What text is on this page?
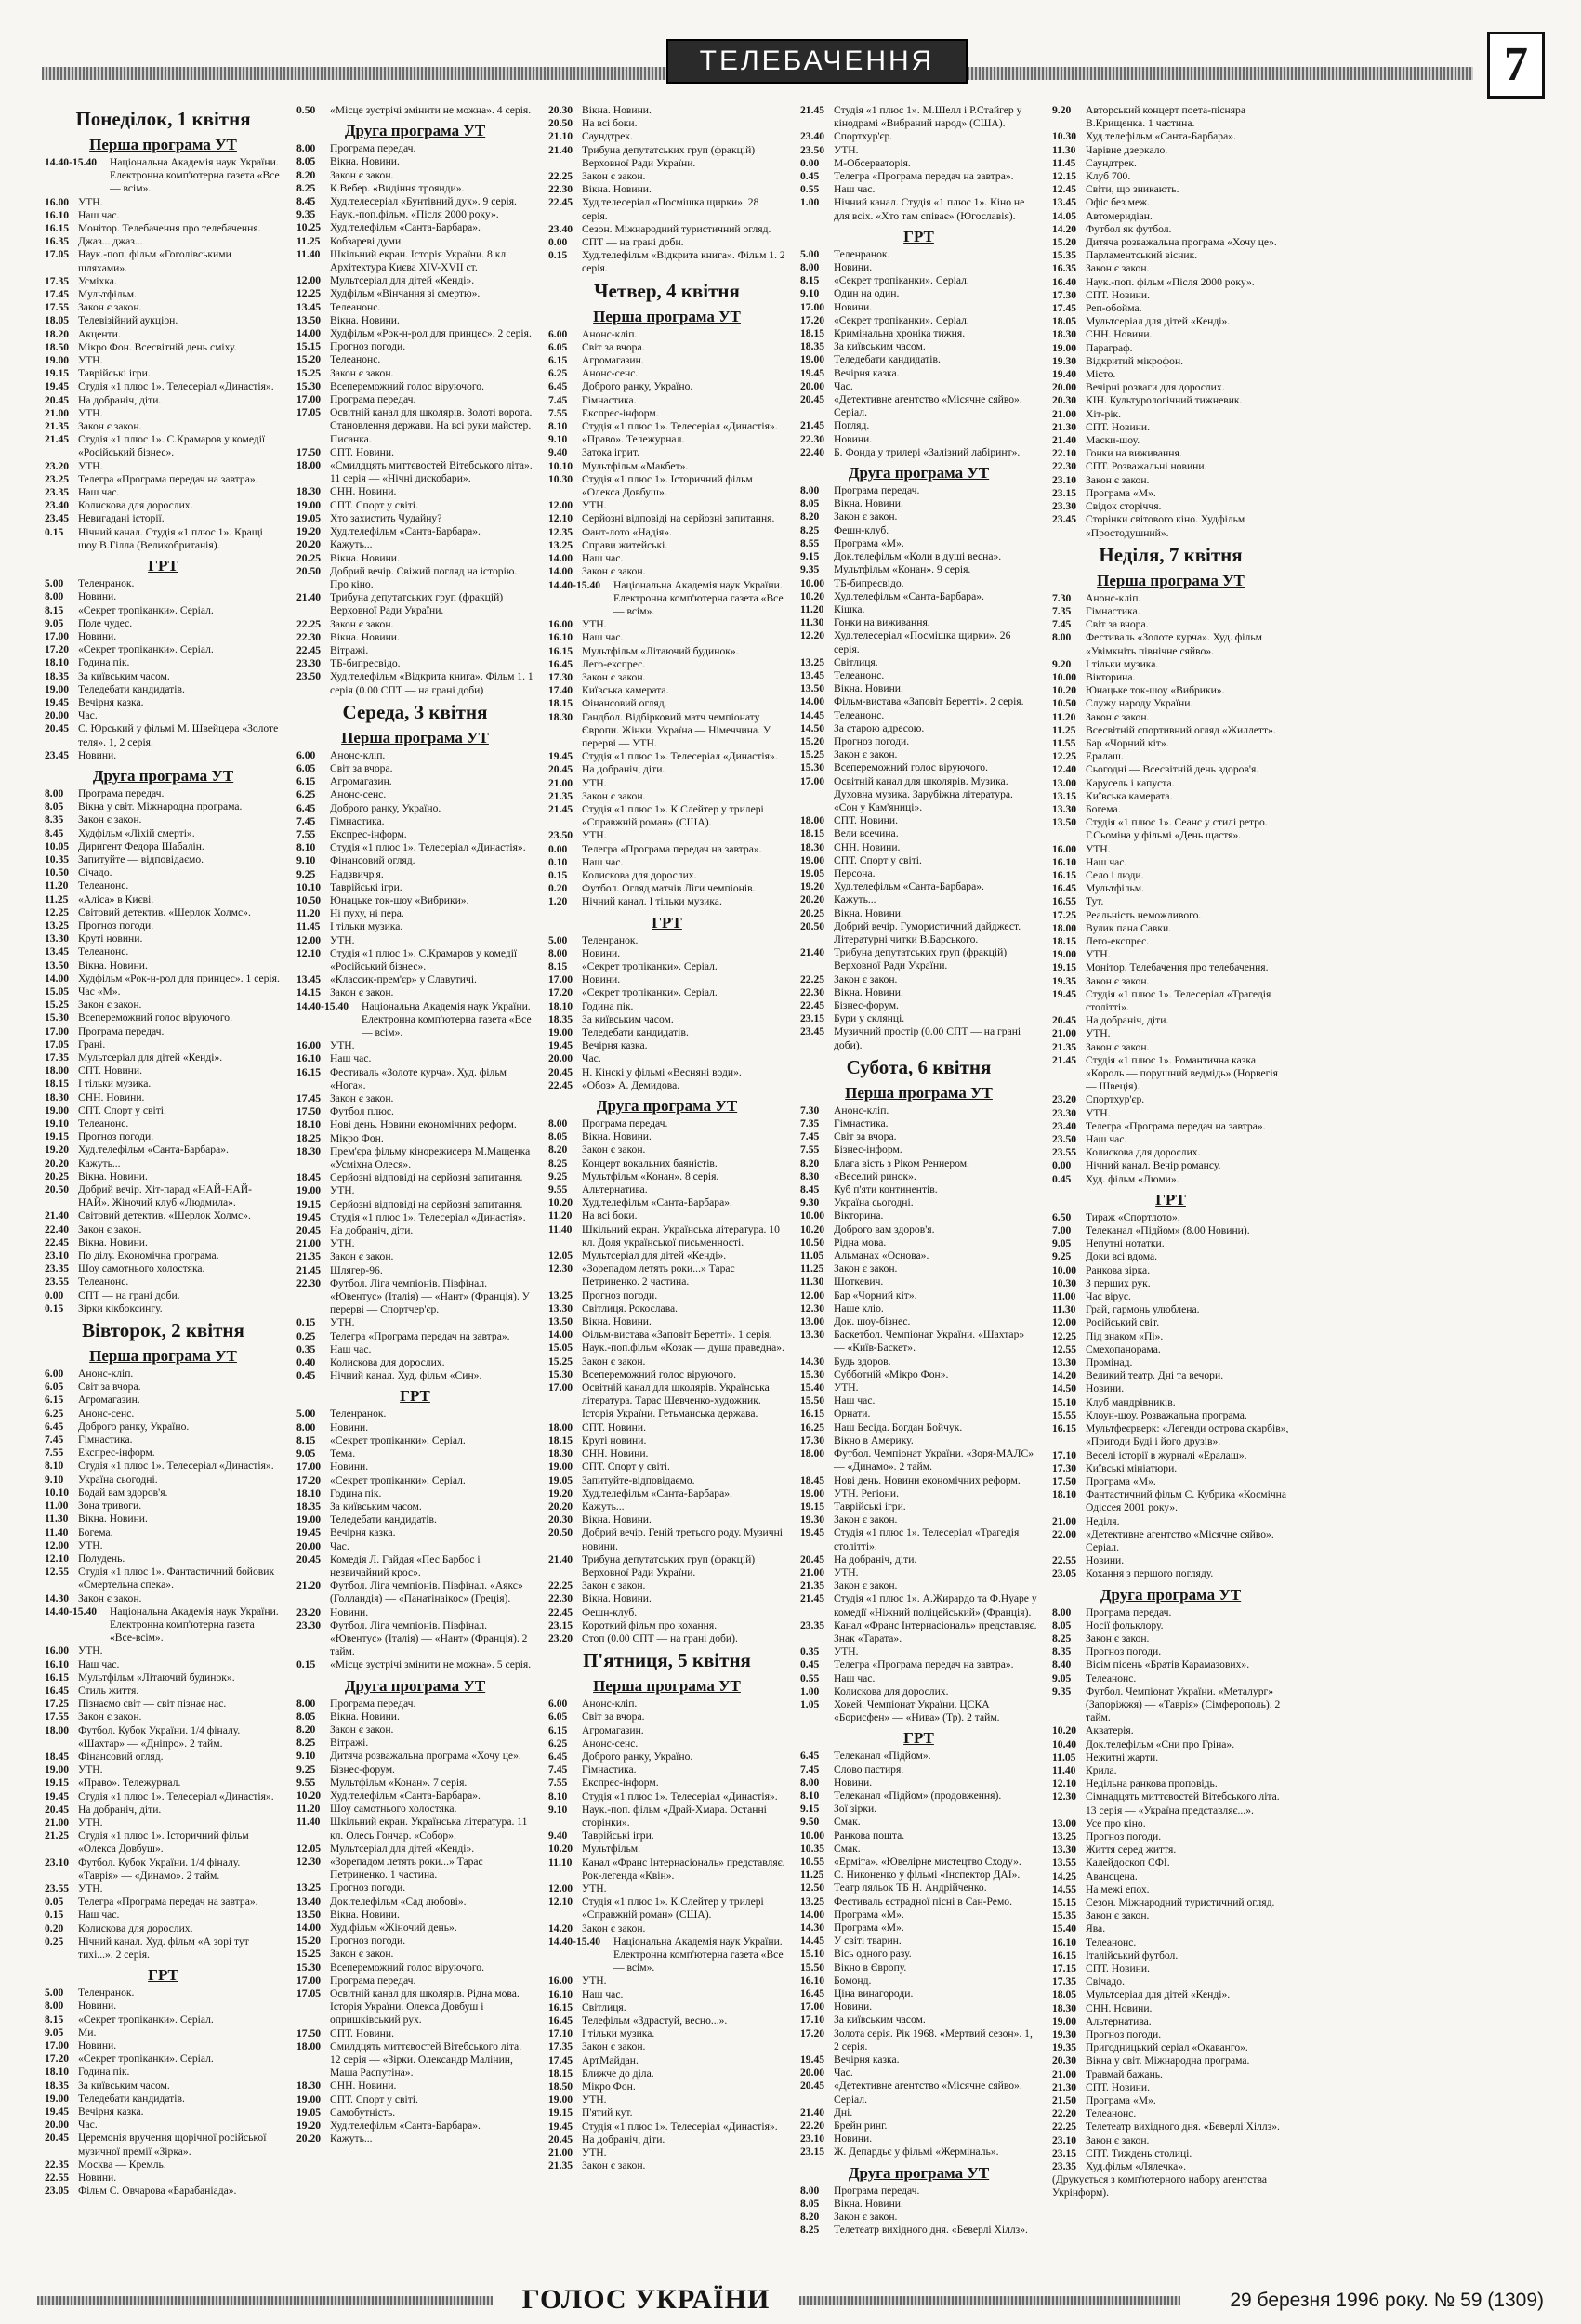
ТЕЛЕБАЧЕННЯ	7
Понеділок, 1 квітня
Перша програма УТ
14.40-15.40	Національна Академія наук України. Електронна комп'ютерна газета «Все — всім».
16.00 УТН.
16.10 Наш час.
16.15 Монітор. Телебачення про телебачення.
16.35 Джаз... джаз...
17.05 Наук.-поп. фільм «Гоголівськими шляхами».
17.35 Усміхка.
17.45 Мультфільм.
17.55 Закон є закон.
18.05 Телевізійний аукціон.
18.20 Акценти.
18.50 Мікро Фон. Всесвітній день сміху.
19.00 УТН.
19.15 Таврійські ігри.
19.45 Студія «1 плюс 1». Телесеріал «Династія».
20.45 На добраніч, діти.
21.00 УТН.
21.35 Закон є закон.
21.45 Студія «1 плюс 1». С.Крамаров у комедії «Російський бізнес».
23.20 УТН.
23.25 Телегра «Програма передач на завтра».
23.35 Наш час.
23.40 Колискова для дорослих.
23.45 Невигадані історії.
0.15	Нічний канал. Студія «1 плюс 1». Кращі шоу В.Гілла (Великобританія).
ГРТ
5.00	Теленранок.
8.00	Новини.
8.15	«Секрет тропіканки». Серіал.
9.05	Поле чудес.
17.00 Новини.
17.20 «Секрет тропіканки». Серіал.
18.10 Година пік.
18.35 За київським часом.
19.00 Теледебати кандидатів.
19.45 Вечірня казка.
20.00 Час.
20.45 С. Юрський у фільмі М. Швейцера «Золоте теля». 1, 2 серія.
23.45 Новини.
Друга програма УТ
8.00	Програма передач.
8.05	Вікна у світ. Міжнародна програма.
8.35	Закон є закон.
8.45	Худфільм «Ліхій смерті».
10.05 Диригент Федора Шабалін.
10.35 Запитуйте — відповідаємо.
10.50 Січадо.
11.20 Телеанонс.
11.25 «Аліса» в Києві.
12.25 Світовий детектив. «Шерлок Холмс».
13.25 Прогноз погоди.
13.30 Круті новини.
13.45 Телеанонс.
13.50 Вікна. Новини.
14.00 Худфільм «Рок-н-рол для принцес». 1 серія.
15.05 Час «М».
15.25 Закон є закон.
15.30 Всепереможний голос віруючого.
17.00 Програма передач.
17.05 Грані.
17.35 Мультсеріал для дітей «Кенді».
18.00 СПТ. Новини.
18.15 І тільки музика.
18.30 СНН. Новини.
19.00 СПТ. Спорт у світі.
19.10 Телеанонс.
19.15 Прогноз погоди.
19.20 Худ.телефільм «Санта-Барбара».
20.20 Кажуть...
20.25 Вікна. Новини.
20.50 Добрий вечір. Хіт-парад «НАЙ-НАЙ-НАЙ». Жіночий клуб «Людмила».
21.40 Світовий детектив. «Шерлок Холмс».
22.40 Закон є закон.
22.45 Вікна. Новини.
23.10 По ділу. Економічна програма.
23.35 Шоу самотнього холостяка.
23.55 Телеанонс.
0.00	СПТ — на грані доби.
0.15	Зірки кікбоксингу.
Вівторок, 2 квітня
Перша програма УТ
6.00	Анонс-кліп.
6.05	Світ за вчора.
6.15	Агромагазин.
6.25	Анонс-сенс.
6.45	Доброго ранку, Україно.
7.45	Гімнастика.
7.55	Експрес-інформ.
8.10	Студія «1 плюс 1». Телесеріал «Династія».
9.10	Україна сьогодні.
10.10 Бодай вам здоров'я.
11.00 Зона тривоги.
11.30 Вікна. Новини.
11.40 Богема.
12.00 УТН.
12.10 Полудень.
12.55 Студія «1 плюс 1». Фантастичний бойовик «Смертельна спека».
14.30 Закон є закон.
14.40-15.40	Національна Академія наук України. Електронна комп'ютерна газета «Все-всім».
16.00 УТН.
16.10 Наш час.
16.15 Мультфільм «Літаючий будинок».
16.45 Стиль життя.
17.25 Пізнаємо світ — світ пізнає нас.
17.55 Закон є закон.
18.00 Футбол. Кубок України. 1/4 фіналу. «Шахтар» — «Дніпро». 2 тайм.
18.45 Фінансовий огляд.
19.00 УТН.
19.15 «Право». Тележурнал.
19.45 Студія «1 плюс 1». Телесеріал «Династія».
20.45 На добраніч, діти.
21.00 УТН.
21.25 Студія «1 плюс 1». Історичний фільм «Олекса Довбуш».
23.10 Футбол. Кубок України. 1/4 фіналу. «Таврія» — «Динамо». 2 тайм.
23.55 УТН.
0.05	Телегра «Програма передач на завтра».
0.15	Наш час.
0.20	Колискова для дорослих.
0.25	Нічний канал. Худ. фільм «А зорі тут тихі...». 2 серія.
ГРТ
5.00	Теленранок.
8.00	Новини.
8.15	«Секрет тропіканки». Серіал.
9.05	Ми.
17.00 Новини.
17.20 «Секрет тропіканки». Серіал.
18.10 Година пік.
18.35 За київським часом.
19.00 Теледебати кандидатів.
19.45 Вечірня казка.
20.00 Час.
20.45 Церемонія вручення щорічної російської музичної премії «Зірка».
22.35 Москва — Кремль.
22.55 Новини.
23.05 Фільм С. Овчарова «Барабаніада».
0.50	«Місце зустрічі змінити не можна». 4 серія.
Друга програма УТ
8.00	Програма передач.
8.05	Вікна. Новини.
8.20	Закон є закон.
8.25	К.Вебер. «Видіння троянди».
8.45	Худ.телесеріал «Бунтівний дух». 9 серія.
9.35	Наук.-поп.фільм. «Після 2000 року».
10.25 Худ.телефільм «Санта-Барбара».
11.25 Кобзареві думи.
11.40 Шкільний екран. Історія України. 8 кл. Архітектура Києва XIV-XVII ст.
12.00 Мультсеріал для дітей «Кенді».
12.25 Худфільм «Вінчання зі смертю».
13.45 Телеанонс.
13.50 Вікна. Новини.
14.00 Худфільм «Рок-н-рол для принцес». 2 серія.
15.15 Прогноз погоди.
15.20 Телеанонс.
15.25 Закон є закон.
15.30 Всепереможний голос віруючого.
17.00 Програма передач.
17.05 Освітній канал для школярів. Золоті ворота. Становлення держави. На всі руки майстер. Писанка.
17.50 СПТ. Новини.
18.00 «Смилдцять миттєвостей Вітебського літа». 11 серія — «Нічні дискобари».
18.30 СНН. Новини.
19.00 СПТ. Спорт у світі.
19.05 Хто захистить Чудайну?
19.20 Худ.телефільм «Санта-Барбара».
20.20 Кажуть...
20.25 Вікна. Новини.
20.50 Добрий вечір. Свіжий погляд на історію. Про кіно.
21.40 Трибуна депутатських груп (фракцій) Верховної Ради України.
22.25 Закон є закон.
22.30 Вікна. Новини.
22.45 Вітражі.
23.30 ТБ-бипресвідо.
23.50 Худ.телефільм «Відкрита книга». Фільм 1. 1 серія (0.00 СПТ — на грані доби)
Середа, 3 квітня
Перша програма УТ
6.00	Анонс-кліп.
6.05	Світ за вчора.
6.15	Агромагазин.
6.25	Анонс-сенс.
6.45	Доброго ранку, Україно.
7.45	Гімнастика.
7.55	Експрес-інформ.
8.10	Студія «1 плюс 1». Телесеріал «Династія».
9.10	Фінансовий огляд.
9.25	Надзвичр'я.
10.10 Таврійські ігри.
10.50 Юнацьке ток-шоу «Вибрики».
11.20 Ні пуху, ні пера.
11.45 І тільки музика.
12.00 УТН.
12.10 Студія «1 плюс 1». С.Крамаров у комедії «Російський бізнес».
13.45 «Классик-прем'єр» у Славутичі.
14.15 Закон є закон.
14.40-15.40	Національна Академія наук України. Електронна комп'ютерна газета «Все — всім».
16.00 УТН.
16.10 Наш час.
16.15 Фестиваль «Золоте курча». Худ. фільм «Нога».
17.45 Закон є закон.
17.50 Футбол плюс.
18.10 Нові день. Новини економічних реформ.
18.25 Мікро Фон.
18.30 Прем'єра фільму кінорежисера М.Мащенка «Усміхна Олеся».
18.45 Серйозні відповіді на серйозні запитання.
19.00 УТН.
19.15 Серйозні відповіді на серйозні запитання.
19.45 Студія «1 плюс 1». Телесеріал «Династія».
20.45 На добраніч, діти.
21.00 УТН.
21.35 Закон є закон.
21.45 Шлягер-96.
22.30 Футбол. Ліга чемпіонів. Півфінал. «Ювентус» (Італія) — «Нант» (Франція). У перерві — Спортчер'єр.
0.15	УТН.
0.25	Телегра «Програма передач на завтра».
0.35	Наш час.
0.40	Колискова для дорослих.
0.45	Нічний канал. Худ. фільм «Син».
ГРТ
5.00	Теленранок.
8.00	Новини.
8.15	«Секрет тропіканки». Серіал.
9.05	Тема.
17.00 Новини.
17.20 «Секрет тропіканки». Серіал.
18.10 Година пік.
18.35 За київським часом.
19.00 Теледебати кандидатів.
19.45 Вечірня казка.
20.00 Час.
20.45 Комедія Л. Гайдая «Пес Барбос і незвичайний крос».
21.20 Футбол. Ліга чемпіонів. Півфінал. «Аякс» (Голландія) — «Панатінаікос» (Греція).
23.20 Новини.
23.30 Футбол. Ліга чемпіонів. Півфінал. «Ювентус» (Італія) — «Нант» (Франція). 2 тайм.
0.15	«Місце зустрічі змінити не можна». 5 серія.
Друга програма УТ
8.00	Програма передач.
8.05	Вікна. Новини.
8.20	Закон є закон.
8.25	Вітражі.
9.10	Дитяча розважальна програма «Хочу це».
9.25	Бізнес-форум.
9.55	Мультфільм «Конан». 7 серія.
10.20 Худ.телефільм «Санта-Барбара».
11.20 Шоу самотнього холостяка.
11.40 Шкільний екран. Українська література. 11 кл. Олесь Гончар. «Собор».
12.05 Мультсеріал для дітей «Кенді».
12.30 «Зорепадом летять роки...» Тарас Петриненко. 1 частина.
13.25 Прогноз погоди.
13.40 Док.телефільм «Сад любові».
13.50 Вікна. Новини.
14.00 Худ.фільм «Жіночий день».
15.20 Прогноз погоди.
15.25 Закон є закон.
15.30 Всепереможний голос віруючого.
17.00 Програма передач.
17.05 Освітній канал для школярів. Рідна мова. Історія України. Олекса Довбуш і опришківський рух.
17.50 СПТ. Новини.
18.00 Смилдцять миттєвостей Вітебського літа. 12 серія — «Зірки. Олександр Малінин, Маша Распутіна».
18.30 СНН. Новини.
19.00 СПТ. Спорт у світі.
19.05 Самобутність.
19.20 Худ.телефільм «Санта-Барбара».
20.20 Кажуть...
20.30 Вікна. Новини.
20.50 На всі боки.
21.10 Саундтрек.
21.40 Трибуна депутатських груп (фракцій) Верховної Ради України.
22.25 Закон є закон.
22.30 Вікна. Новини.
22.45 Худ.телесеріал «Посмішка щирки». 28 серія.
23.40 Сезон. Міжнародний туристичний огляд.
0.00	СПТ — на грані доби.
0.15	Худ.телефільм «Відкрита книга». Фільм 1. 2 серія.
Четвер, 4 квітня
Перша програма УТ
6.00	Анонс-кліп.
6.05	Світ за вчора.
6.15	Агромагазин.
6.25	Анонс-сенс.
6.45	Доброго ранку, Україно.
7.45	Гімнастика.
7.55	Експрес-інформ.
8.10	Студія «1 плюс 1». Телесеріал «Династія».
9.10	«Право». Тележурнал.
9.40	Затока ігрит.
10.10 Мультфільм «Макбет».
10.30 Студія «1 плюс 1». Історичний фільм «Олекса Довбуш».
12.00 УТН.
12.10 Серйозні відповіді на серйозні запитання.
12.35 Фант-лото «Надія».
13.25 Справи житейські.
14.00 Наш час.
14.00 Закон є закон.
14.40-15.40	Національна Академія наук України. Електронна комп'ютерна газета «Все — всім».
16.00 УТН.
16.10 Наш час.
16.15 Мультфільм «Літаючий будинок».
16.45 Лего-експрес.
17.30 Закон є закон.
17.40 Київська камерата.
18.15 Фінансовий огляд.
18.30 Гандбол. Відбірковий матч чемпіонату Європи. Жінки. Україна — Німеччина. У перерві — УТН.
19.45 Студія «1 плюс 1». Телесеріал «Династія».
20.45 На добраніч, діти.
21.00 УТН.
21.35 Закон є закон.
21.45 Студія «1 плюс 1». К.Слейтер у трилері «Справжній роман» (США).
23.50 УТН.
0.00	Телегра «Програма передач на завтра».
0.10	Наш час.
0.15	Колискова для дорослих.
0.20	Футбол. Огляд матчів Ліги чемпіонів.
1.20	Нічний канал. І тільки музика.
ГРТ
5.00	Теленранок.
8.00	Новини.
8.15	«Секрет тропіканки». Серіал.
17.00 Новини.
17.20 «Секрет тропіканки». Серіал.
18.10 Година пік.
18.35 За київським часом.
19.00 Теледебати кандидатів.
19.45 Вечірня казка.
20.00 Час.
20.45 Н. Кінскі у фільмі «Весняні води».
22.45 «Обоз» А. Демидова.
Друга програма УТ
8.00	Програма передач.
8.05	Вікна. Новини.
8.20	Закон є закон.
8.25	Концерт вокальних баяністів.
9.25	Мультфільм «Конан». 8 серія.
9.55	Альтернатива.
10.20 Худ.телефільм «Санта-Барбара».
11.20 На всі боки.
11.40 Шкільний екран. Українська література. 10 кл. Доля української письменності.
12.05 Мультсеріал для дітей «Кенді».
12.30 «Зорепадом летять роки...» Тарас Петриненко. 2 частина.
13.25 Прогноз погоди.
13.30 Світлиця. Рокослава.
13.50 Вікна. Новини.
14.00 Фільм-вистава «Заповіт Беретті». 1 серія.
15.05 Наук.-поп.фільм «Козак — душа праведна».
15.25 Закон є закон.
15.30 Всепереможний голос віруючого.
17.00 Освітній канал для школярів. Українська література. Тарас Шевченко-художник. Історія України. Гетьманська держава.
18.00 СПТ. Новини.
18.15 Круті новини.
18.30 СНН. Новини.
19.00 СПТ. Спорт у світі.
19.05 Запитуйте-відповідаємо.
19.20 Худ.телефільм «Санта-Барбара».
20.20 Кажуть...
20.30 Вікна. Новини.
20.50 Добрий вечір. Геній третього роду. Музичні новини.
21.40 Трибуна депутатських груп (фракцій) Верховної Ради України.
22.25 Закон є закон.
22.30 Вікна. Новини.
22.45 Фешн-клуб.
23.15 Короткий фільм про кохання.
23.20 Стоп (0.00 СПТ — на грані доби).
П'ятниця, 5 квітня
Перша програма УТ
6.00	Анонс-кліп.
6.05	Світ за вчора.
6.15	Агромагазин.
6.25	Анонс-сенс.
6.45	Доброго ранку, Україно.
7.45	Гімнастика.
7.55	Експрес-інформ.
8.10	Студія «1 плюс 1». Телесеріал «Династія».
9.10	Наук.-поп. фільм «Драй-Хмара. Останні сторінки».
9.40	Таврійські ігри.
10.20 Мультфільм.
11.10 Канал «Франс Інтернасіональ» представляє. Рок-легенда «Квін».
12.00 УТН.
12.10 Студія «1 плюс 1». К.Слейтер у трилері «Справжній роман» (США).
14.20 Закон є закон.
14.40-15.40	Національна Академія наук України. Електронна комп'ютерна газета «Все — всім».
16.00 УТН.
16.10 Наш час.
16.15 Світлиця.
16.45 Телефільм «Здрастуй, весно...».
17.10 І тільки музика.
17.35 Закон є закон.
17.45 АртМайдан.
18.15 Ближче до діла.
18.50 Мікро Фон.
19.00 УТН.
19.15 П'ятий кут.
19.45 Студія «1 плюс 1». Телесеріал «Династія».
20.45 На добраніч, діти.
21.00 УТН.
21.35 Закон є закон.
21.45 Студія «1 плюс 1». М.Шелл і Р.Стайгер у кінодрамі «Вибраний народ» (США).
23.40 Спортхур'єр.
23.50 УТН.
0.00	М-Обсерваторія.
0.45	Телегра «Програма передач на завтра».
0.55	Наш час.
1.00	Нічний канал. Студія «1 плюс 1». Кіно не для всіх. «Хто там співає» (Югославія).
ГРТ
5.00	Теленранок.
8.00	Новини.
8.15	«Секрет тропіканки». Серіал.
9.10	Один на один.
17.00 Новини.
17.20 «Секрет тропіканки». Серіал.
18.15 Кримінальна хроніка тижня.
18.35 За київським часом.
19.00 Теледебати кандидатів.
19.45 Вечірня казка.
20.00 Час.
20.45 «Детективне агентство «Місячне сяйво». Серіал.
21.45 Погляд.
22.30 Новини.
22.40 Б. Фонда у трилері «Залізний лабіринт».
Друга програма УТ
8.00	Програма передач.
8.05	Вікна. Новини.
8.20	Закон є закон.
8.25	Фешн-клуб.
8.55	Програма «М».
9.15	Док.телефільм «Коли в душі весна».
9.35	Мультфільм «Конан». 9 серія.
10.00 ТБ-бипресвідо.
10.20 Худ.телефільм «Санта-Барбара».
11.20 Кішка.
11.30 Гонки на виживання.
12.20 Худ.телесеріал «Посмішка щирки». 26 серія.
13.25 Світлиця.
13.45 Телеанонс.
13.50 Вікна. Новини.
14.00 Фільм-вистава «Заповіт Беретті». 2 серія.
14.45 Телеанонс.
14.50 За старою адресою.
15.20 Прогноз погоди.
15.25 Закон є закон.
15.30 Всепереможний голос віруючого.
17.00 Освітній канал для школярів. Музика. Духовна музика. Зарубіжна література. «Сон у Кам'яниці».
18.00 СПТ. Новини.
18.15 Вели всечина.
18.30 СНН. Новини.
19.00 СПТ. Спорт у світі.
19.05 Персона.
19.20 Худ.телефільм «Санта-Барбара».
20.20 Кажуть...
20.25 Вікна. Новини.
20.50 Добрий вечір. Гумористичний дайджест. Літературні читки В.Барського.
21.40 Трибуна депутатських груп (фракцій) Верховної Ради України.
22.25 Закон є закон.
22.30 Вікна. Новини.
22.45 Бізнес-форум.
23.15 Бури у склянці.
23.45 Музичний простір (0.00 СПТ — на грані доби).
Субота, 6 квітня
Перша програма УТ
7.30	Анонс-кліп.
7.35	Гімнастика.
7.45	Світ за вчора.
7.55	Бізнес-інформ.
8.20	Блага вість з Ріком Реннером.
8.30	«Веселий ринок».
8.45	Куб п'яти континентів.
9.30	Україна сьогодні.
10.00 Вікторина.
10.20 Доброго вам здоров'я.
10.50 Рідна мова.
11.05 Альманах «Основа».
11.25 Закон є закон.
11.30 Шоткевич.
12.00 Бар «Чорний кіт».
12.30 Наше кліо.
13.00 Док. шоу-бізнес.
13.30 Баскетбол. Чемпіонат України. «Шахтар» — «Київ-Баскет».
14.30 Будь здоров.
15.30 Субботній «Мікро Фон».
15.40 УТН.
15.50 Наш час.
16.15 Орнати.
16.25 Наш Бесіда. Богдан Бойчук.
17.30 Вікно в Америку.
18.00 Футбол. Чемпіонат України. «Зоря-МАЛС» — «Динамо». 2 тайм.
18.45 Нові день. Новини економічних реформ.
19.00 УТН. Регіони.
19.15 Таврійські ігри.
19.30 Закон є закон.
19.45 Студія «1 плюс 1». Телесеріал «Трагедія столітті».
20.45 На добраніч, діти.
21.00 УТН.
21.35 Закон є закон.
21.45 Студія «1 плюс 1». А.Жирардо та Ф.Нуаре у комедії «Ніжний поліцейський» (Франція).
23.35 Канал «Франс Інтернасіональ» представляє. Знак «Тарата».
0.35	УТН.
0.45	Телегра «Програма передач на завтра».
0.55	Наш час.
1.00	Колискова для дорослих.
1.05	Хокей. Чемпіонат України. ЦСКА «Борисфен» — «Нива» (Тр). 2 тайм.
ГРТ
6.45	Телеканал «Підйом».
7.45	Слово пастиря.
8.00	Новини.
8.10	Телеканал «Підйом» (продовження).
9.15	Зої зірки.
9.50	Смак.
10.00 Ранкова пошта.
10.35 Смак.
10.55 «Ерміта». «Ювелірне мистецтво Сходу».
11.25 С. Никоненко у фільмі «Інспектор ДАІ».
12.50 Театр ляльок ТБ Н. Андрійченко.
13.25 Фестиваль естрадної пісні в Сан-Ремо.
14.00 Програма «М».
14.30 Програма «М».
14.45 У світі тварин.
15.10 Вісь одного разу.
15.50 Вікно в Європу.
16.10 Бомонд.
16.45 Ціна винагороди.
17.00 Новини.
17.10 За київським часом.
17.20 Золота серія. Рік 1968. «Мертвий сезон». 1, 2 серія.
19.45 Вечірня казка.
20.00 Час.
20.45 «Детективне агентство «Місячне сяйво». Серіал.
21.40 Дні.
22.20 Брейн ринг.
23.10 Новини.
23.15 Ж. Депардьє у фільмі «Жерміналь».
Друга програма УТ
8.00	Програма передач.
8.05	Вікна. Новини.
8.20	Закон є закон.
8.25	Телетеатр вихідного дня. «Беверлі Хіллз».
9.20	Авторський концерт поета-пісняра В.Крищенка. 1 частина.
10.30 Худ.телефільм «Санта-Барбара».
11.30 Чарівне дзеркало.
11.45 Саундтрек.
12.15 Клуб 700.
12.45 Світи, що зникають.
13.45 Офіс без меж.
14.05 Автомеридіан.
14.20 Футбол як футбол.
15.20 Дитяча розважальна програма «Хочу це».
15.35 Парламентський вісник.
16.35 Закон є закон.
16.40 Наук.-поп. фільм «Після 2000 року».
17.30 СПТ. Новини.
17.45 Реп-обойма.
18.05 Мультсеріал для дітей «Кенді».
18.30 СНН. Новини.
19.00 Параграф.
19.30 Відкритий мікрофон.
19.40 Місто.
20.00 Вечірні розваги для дорослих.
20.30 КІН. Культурологічний тижневик.
21.00 Хіт-рік.
21.30 СПТ. Новини.
21.40 Маски-шоу.
22.10 Гонки на виживання.
22.30 СПТ. Розважальні новини.
23.10 Закон є закон.
23.15 Програма «М».
23.30 Свідок сторіччя.
23.45 Сторінки світового кіно. Худфільм «Простодушний».
Неділя, 7 квітня
Перша програма УТ
7.30	Анонс-кліп.
7.35	Гімнастика.
7.45	Світ за вчора.
8.00	Фестиваль «Золоте курча». Худ. фільм «Увімкніть північне сяйво».
9.20	І тільки музика.
10.00 Вікторина.
10.20 Юнацьке ток-шоу «Вибрики».
10.50 Служу народу України.
11.20 Закон є закон.
11.25 Всесвітній спортивний огляд «Жиллетт».
11.55 Бар «Чорний кіт».
12.25 Ералаш.
12.40 Сьогодні — Всесвітній день здоров'я.
13.00 Карусель і капуста.
13.15 Київська камерата.
13.30 Богема.
13.50 Студія «1 плюс 1». Сеанс у стилі ретро. Г.Сьоміна у фільмі «День щастя».
16.00 УТН.
16.10 Наш час.
16.15 Село і люди.
16.45 Мультфільм.
16.55 Тут.
17.25 Реальність неможливого.
18.00 Вулик пана Савки.
18.15 Лего-експрес.
19.00 УТН.
19.15 Монітор. Телебачення про телебачення.
19.35 Закон є закон.
19.45 Студія «1 плюс 1». Телесеріал «Трагедія столітті».
20.45 На добраніч, діти.
21.00 УТН.
21.35 Закон є закон.
21.45 Студія «1 плюс 1». Романтична казка «Король — порушний ведмідь» (Норвегія — Швеція).
23.20 Спортхур'єр.
23.30 УТН.
23.40 Телегра «Програма передач на завтра».
23.50 Наш час.
23.55 Колискова для дорослих.
0.00	Нічний канал. Вечір романсу.
0.45	Худ. фільм «Люми».
ГРТ
6.50	Тираж «Спортлото».
7.00	Телеканал «Підйом» (8.00 Новини).
9.05	Непутні нотатки.
9.25	Доки всі вдома.
10.00 Ранкова зірка.
10.30 З перших рук.
11.00 Час вірус.
11.30 Грай, гармонь улюблена.
12.00 Російський світ.
12.25 Під знаком «Пі».
12.55 Смехопанорама.
13.30 Промінад.
14.20 Великий театр. Дні та вечори.
14.50 Новини.
15.10 Клуб мандрівників.
15.55 Клоун-шоу. Розважальна програма.
16.15 Мультфеєрверк: «Легенди острова скарбів», «Пригоди Буді і його друзів».
17.10 Веселі історії в журналі «Ералаш».
17.30 Київські мініатюри.
17.50 Програма «М».
18.10 Фантастичний фільм С. Кубрика «Космічна Одіссея 2001 року».
21.00 Неділя.
22.00 «Детективне агентство «Місячне сяйво». Серіал.
22.55 Новини.
23.05 Кохання з першого погляду.
Друга програма УТ
8.00	Програма передач.
8.05	Носії фольклору.
8.25	Закон є закон.
8.35	Прогноз погоди.
8.40	Вісім пісень «Братів Карамазових».
9.05	Телеанонс.
9.35	Футбол. Чемпіонат України. «Металург» (Запоріжжя) — «Таврія» (Сімферополь). 2 тайм.
10.20 Акватерія.
10.40 Док.телефільм «Сни про Гріна».
11.05 Нежитні жарти.
11.40 Крила.
12.10 Недільна ранкова проповідь.
12.30 Сімнадцять миттєвостей Вітебського літа. 13 серія — «Україна представляє...».
13.00 Усе про кіно.
13.25 Прогноз погоди.
13.30 Життя серед життя.
13.55 Калейдоскоп СФІ.
14.25 Авансцена.
14.55 На межі епох.
15.15 Сезон. Міжнародний туристичний огляд.
15.35 Закон є закон.
15.40 Ява.
16.10 Телеанонс.
16.15 Італійський футбол.
17.15 СПТ. Новини.
17.35 Свічадо.
18.05 Мультсеріал для дітей «Кенді».
18.30 СНН. Новини.
19.00 Альтернатива.
19.30 Прогноз погоди.
19.35 Пригодницький серіал «Окаванго».
20.30 Вікна у світ. Міжнародна програма.
21.00 Травмай бажань.
21.30 СПТ. Новини.
21.50 Програма «М».
22.20 Телеанонс.
22.25 Телетеатр вихідного дня. «Беверлі Хіллз».
23.10 Закон є закон.
23.15 СПТ. Тиждень столиці.
23.35 Худ.фільм «Лялечка».
(Друкується з комп'ютерного набору агентства Укрінформ).
ГОЛОС УКРАЇНИ	29 березня 1996 року. № 59 (1309)
